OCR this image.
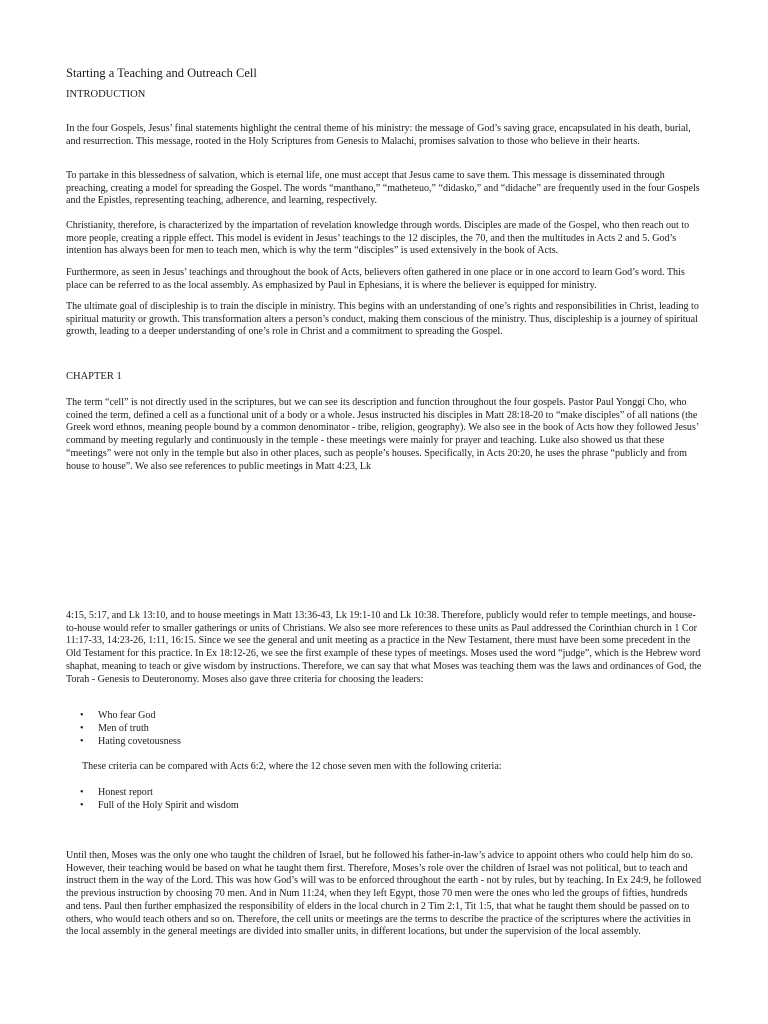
Starting a Teaching and Outreach Cell
INTRODUCTION

In the four Gospels, Jesus’ final statements highlight the central theme of his ministry: the message of God’s saving grace, encapsulated in his death, burial, and resurrection. This message, rooted in the Holy Scriptures from Genesis to Malachi, promises salvation to those who believe in their hearts.

To partake in this blessedness of salvation, which is eternal life, one must accept that Jesus came to save them. This message is disseminated through preaching, creating a model for spreading the Gospel. The words “manthano,” “matheteuo,” “didasko,” and “didache” are frequently used in the four Gospels and the Epistles, representing teaching, adherence, and learning, respectively.

Christianity, therefore, is characterized by the impartation of revelation knowledge through words. Disciples are made of the Gospel, who then reach out to more people, creating a ripple effect. This model is evident in Jesus’ teachings to the 12 disciples, the 70, and then the multitudes in Acts 2 and 5. God’s intention has always been for men to teach men, which is why the term “disciples” is used extensively in the book of Acts.

Furthermore, as seen in Jesus’ teachings and throughout the book of Acts, believers often gathered in one place or in one accord to learn God’s word. This place can be referred to as the local assembly. As emphasized by Paul in Ephesians, it is where the believer is equipped for ministry.

The ultimate goal of discipleship is to train the disciple in ministry. This begins with an understanding of one’s rights and responsibilities in Christ, leading to spiritual maturity or growth. This transformation alters a person’s conduct, making them conscious of the ministry. Thus, discipleship is a journey of spiritual growth, leading to a deeper understanding of one’s role in Christ and a commitment to spreading the Gospel.

CHAPTER 1

The term “cell” is not directly used in the scriptures, but we can see its description and function throughout the four gospels. Pastor Paul Yonggi Cho, who coined the term, defined a cell as a functional unit of a body or a whole. Jesus instructed his disciples in Matt 28:18-20 to “make disciples” of all nations (the Greek word ethnos, meaning people bound by a common denominator - tribe, religion, geography). We also see in the book of Acts how they followed Jesus’ command by meeting regularly and continuously in the temple - these meetings were mainly for prayer and teaching. Luke also showed us that these “meetings” were not only in the temple but also in other places, such as people’s houses. Specifically, in Acts 20:20, he uses the phrase “publicly and from house to house”. We also see references to public meetings in Matt 4:23, Lk

4:15, 5:17, and Lk 13:10, and to house meetings in Matt 13:36-43, Lk 19:1-10 and Lk 10:38. Therefore, publicly would refer to temple meetings, and house-to-house would refer to smaller gatherings or units of Christians. We also see more references to these units as Paul addressed the Corinthian church in 1 Cor 11:17-33, 14:23-26, 1:11, 16:15. Since we see the general and unit meeting as a practice in the New Testament, there must have been some precedent in the Old Testament for this practice. In Ex 18:12-26, we see the first example of these types of meetings. Moses used the word “judge”, which is the Hebrew word shaphat, meaning to teach or give wisdom by instructions. Therefore, we can say that what Moses was teaching them was the laws and ordinances of God, the Torah - Genesis to Deuteronomy. Moses also gave three criteria for choosing the leaders:

• Who fear God
• Men of truth
• Hating covetousness

These criteria can be compared with Acts 6:2, where the 12 chose seven men with the following criteria:

• Honest report
• Full of the Holy Spirit and wisdom

Until then, Moses was the only one who taught the children of Israel, but he followed his father-in-law’s advice to appoint others who could help him do so. However, their teaching would be based on what he taught them first. Therefore, Moses’s role over the children of Israel was not political, but to teach and instruct them in the way of the Lord. This was how God’s will was to be enforced throughout the earth - not by rules, but by teaching. In Ex 24:9, he followed the previous instruction by choosing 70 men. And in Num 11:24, when they left Egypt, those 70 men were the ones who led the groups of fifties, hundreds and tens. Paul then further emphasized the responsibility of elders in the local church in 2 Tim 2:1, Tit 1:5, that what he taught them should be passed on to others, who would teach others and so on. Therefore, the cell units or meetings are the terms to describe the practice of the scriptures where the activities in the local assembly in the general meetings are divided into smaller units, in different locations, but under the supervision of the local assembly.
